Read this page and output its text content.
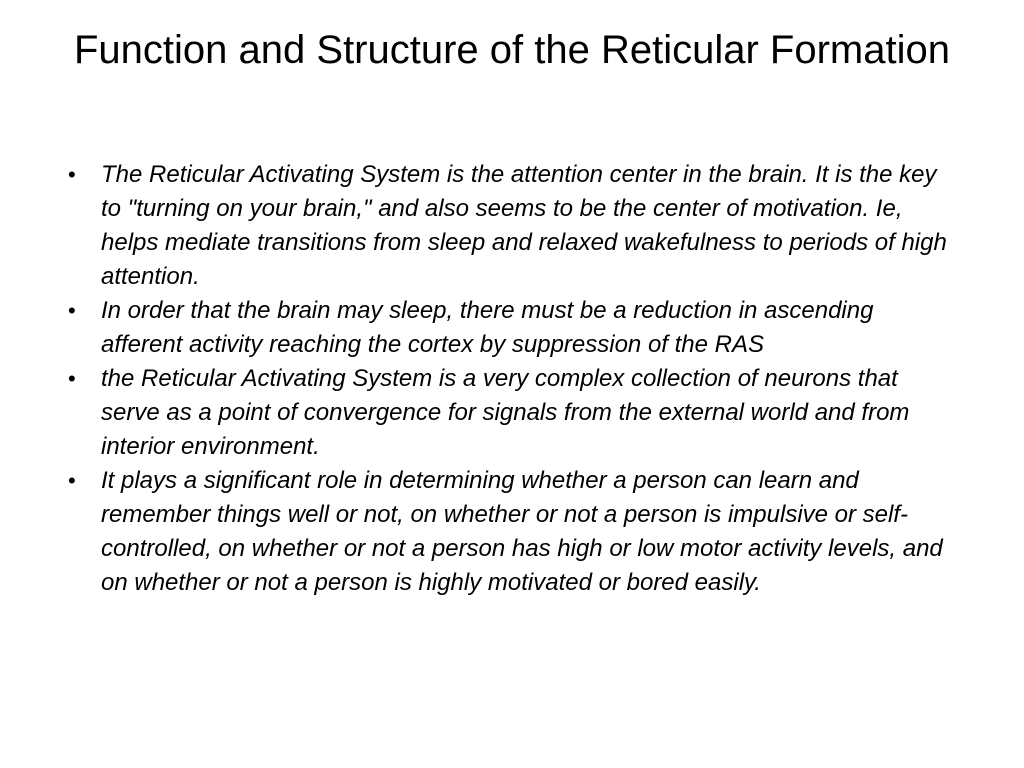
Function and Structure of the Reticular Formation
• The Reticular Activating System is the attention center in the brain. It is the key to "turning on your brain," and also seems to be the center of motivation. Ie, helps mediate transitions from sleep and relaxed wakefulness to periods of high attention.
• In order that the brain may sleep, there must be a reduction in ascending afferent activity reaching the cortex by suppression of the RAS
• the Reticular Activating System is a very complex collection of neurons that serve as a point of convergence for signals from the external world and from interior environment.
• It plays a significant role in determining whether a person can learn and remember things well or not, on whether or not a person is impulsive or self-controlled, on whether or not a person has high or low motor activity levels, and on whether or not a person is highly motivated or bored easily.
